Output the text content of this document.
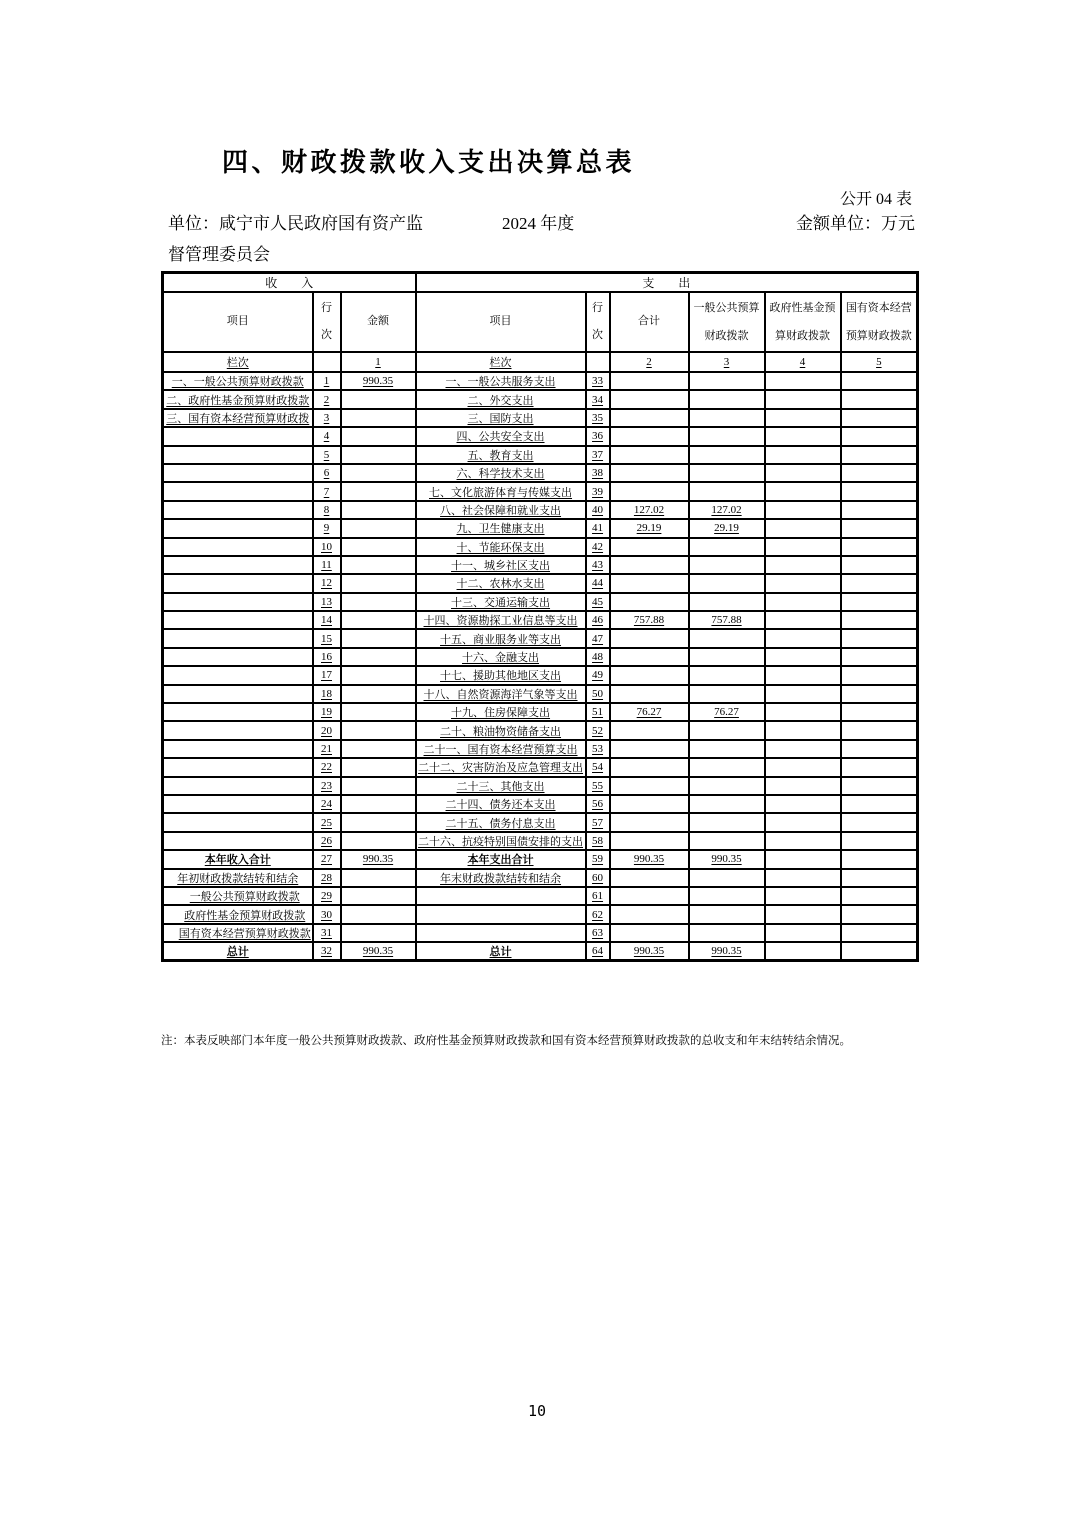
四、财政拨款收入支出决算总表
公开 04 表
单位：咸宁市人民政府国有资产监督管理委员会
2024 年度	金额单位：万元
收　　入			支　　出					
项目	行次	金额	项目	行次	合计	一般公共预算财政拨款	政府性基金预算财政拨款	国有资本经营预算财政拨款
栏次		1	栏次		2	3	4	5
一、一般公共预算财政拨款	1	990.35	一、一般公共服务支出	33				
二、政府性基金预算财政拨款	2		二、外交支出	34				
三、国有资本经营预算财政拨	3		三、国防支出	35				
	4		四、公共安全支出	36				
	5		五、教育支出	37				
	6		六、科学技术支出	38				
	7		七、文化旅游体育与传媒支出	39				
	8		八、社会保障和就业支出	40	127.02	127.02		
	9		九、卫生健康支出	41	29.19	29.19		
	10		十、节能环保支出	42				
	11		十一、城乡社区支出	43				
	12		十二、农林水支出	44				
	13		十三、交通运输支出	45				
	14		十四、资源勘探工业信息等支出	46	757.88	757.88		
	15		十五、商业服务业等支出	47				
	16		十六、金融支出	48				
	17		十七、援助其他地区支出	49				
	18		十八、自然资源海洋气象等支出	50				
	19		十九、住房保障支出	51	76.27	76.27		
	20		二十、粮油物资储备支出	52				
	21		二十一、国有资本经营预算支出	53				
	22		二十二、灾害防治及应急管理支出	54				
	23		二十三、其他支出	55				
	24		二十四、债务还本支出	56				
	25		二十五、债务付息支出	57				
	26		二十六、抗疫特别国债安排的支出	58				
本年收入合计	27	990.35	本年支出合计	59	990.35	990.35		
年初财政拨款结转和结余	28		年末财政拨款结转和结余	60				
一般公共预算财政拨款	29			61				
政府性基金预算财政拨款	30			62				
国有资本经营预算财政拨款	31			63				
总计	32	990.35	总计	64	990.35	990.35		
注：本表反映部门本年度一般公共预算财政拨款、政府性基金预算财政拨款和国有资本经营预算财政拨款的总收支和年末结转结余情况。
10
